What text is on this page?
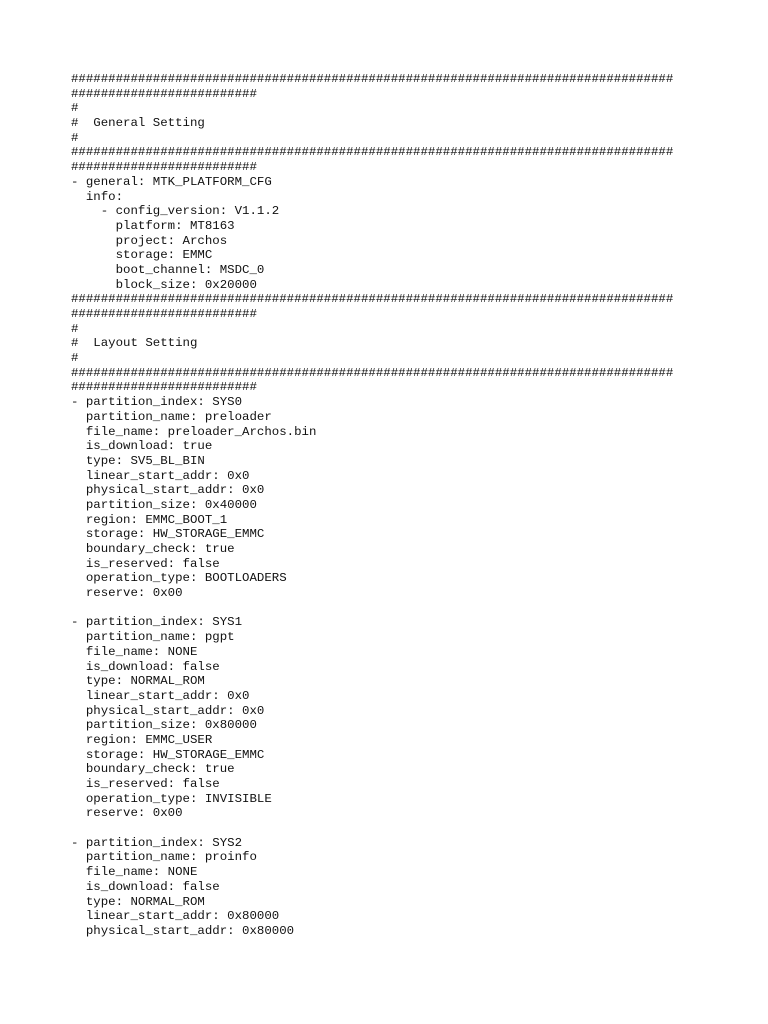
#################################################################################
#########################
#
#  General Setting
#
#################################################################################
#########################
- general: MTK_PLATFORM_CFG
info:
- config_version: V1.1.2
platform: MT8163
project: Archos
storage: EMMC
boot_channel: MSDC_0
block_size: 0x20000
#################################################################################
#########################
#
#  Layout Setting
#
#################################################################################
#########################
- partition_index: SYS0
partition_name: preloader
file_name: preloader_Archos.bin
is_download: true
type: SV5_BL_BIN
linear_start_addr: 0x0
physical_start_addr: 0x0
partition_size: 0x40000
region: EMMC_BOOT_1
storage: HW_STORAGE_EMMC
boundary_check: true
is_reserved: false
operation_type: BOOTLOADERS
reserve: 0x00
- partition_index: SYS1
partition_name: pgpt
file_name: NONE
is_download: false
type: NORMAL_ROM
linear_start_addr: 0x0
physical_start_addr: 0x0
partition_size: 0x80000
region: EMMC_USER
storage: HW_STORAGE_EMMC
boundary_check: true
is_reserved: false
operation_type: INVISIBLE
reserve: 0x00
- partition_index: SYS2
partition_name: proinfo
file_name: NONE
is_download: false
type: NORMAL_ROM
linear_start_addr: 0x80000
physical_start_addr: 0x80000
